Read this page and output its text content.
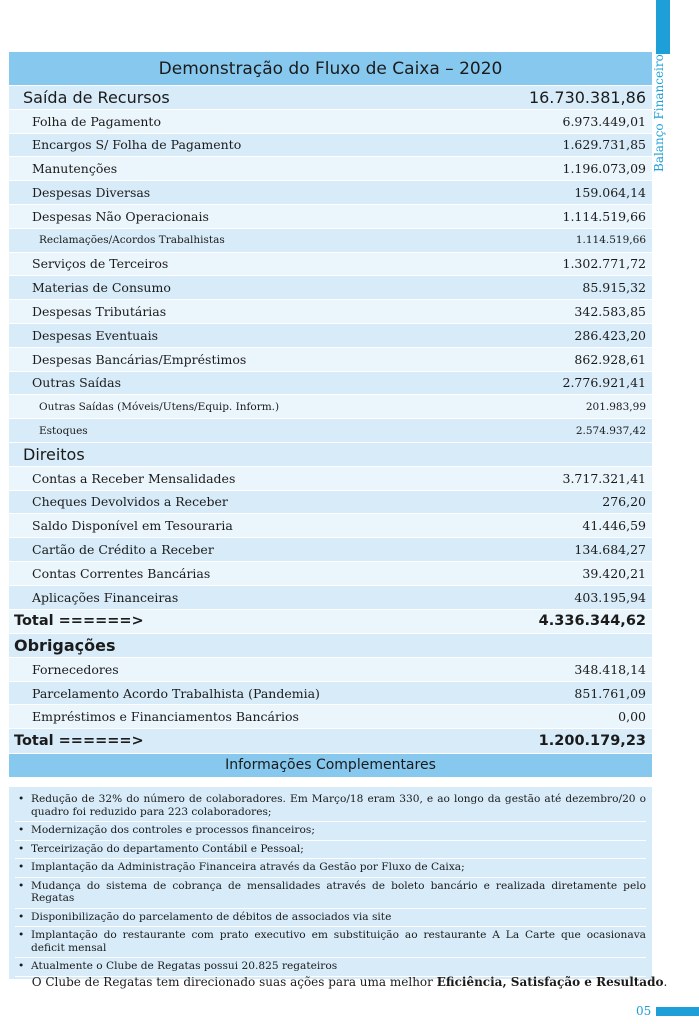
Balanço Financeiro
Demonstração do Fluxo de Caixa – 2020
Saída de Recursos	16.730.381,86
Folha de Pagamento	6.973.449,01
Encargos S/ Folha de Pagamento	1.629.731,85
Manutenções	1.196.073,09
Despesas Diversas	159.064,14
Despesas Não Operacionais	1.114.519,66
Reclamações/Acordos Trabalhistas	1.114.519,66
Serviços de Terceiros	1.302.771,72
Materias de Consumo	85.915,32
Despesas Tributárias	342.583,85
Despesas Eventuais	286.423,20
Despesas Bancárias/Empréstimos	862.928,61
Outras Saídas	2.776.921,41
Outras Saídas (Móveis/Utens/Equip. Inform.)	201.983,99
Estoques	2.574.937,42
Direitos
Contas a Receber Mensalidades	3.717.321,41
Cheques Devolvidos a Receber	276,20
Saldo Disponível em Tesouraria	41.446,59
Cartão de Crédito a Receber	134.684,27
Contas Correntes Bancárias	39.420,21
Aplicações Financeiras	403.195,94
Total ======>	4.336.344,62
Obrigações
Fornecedores	348.418,14
Parcelamento Acordo Trabalhista (Pandemia)	851.761,09
Empréstimos e Financiamentos Bancários	0,00
Total ======>	1.200.179,23
Informações Complementares
• Redução de 32% do número de colaboradores. Em Março/18 eram 330, e ao longo da gestão até dezembro/20 o quadro foi reduzido para 223 colaboradores;
• Modernização dos controles e processos financeiros;
• Terceirização do departamento Contábil e Pessoal;
• Implantação da Administração Financeira através da Gestão por Fluxo de Caixa;
• Mudança do sistema de cobrança de mensalidades através de boleto bancário e realizada diretamente pelo Regatas
• Disponibilização do parcelamento de débitos de associados via site
• Implantação do restaurante com prato executivo em substituição ao restaurante A La Carte que ocasionava deficit mensal
• Atualmente o Clube de Regatas possui 20.825 regateiros
O Clube de Regatas tem direcionado suas ações para uma melhor Eficiência, Satisfação e Resultado.
05
